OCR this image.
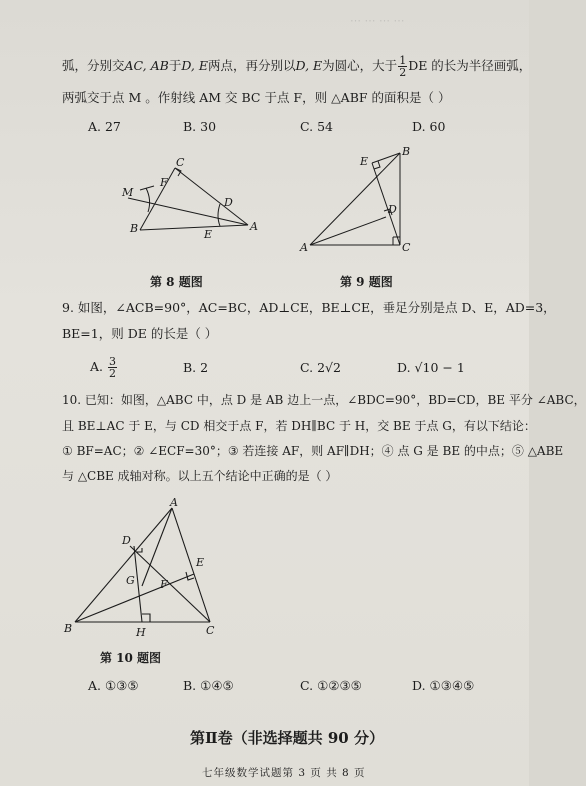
⋯ ⋯ ⋯ ⋯
弧，分别交AC, AB于D, E两点，再分别以D, E为圆心，大于 $\frac{1}{2}$ DE 的长为半径画弧，
两弧交于点 M 。作射线 AM 交 BC 于点 F，则 △ABF 的面积是（ ）
A. 27	B. 30	C. 54	D. 60
C
F
M
D
B	E
A
第 8 题图
B
E
D
A	C
第 9 题图
9. 如图，∠ACB=90°，AC=BC，AD⊥CE，BE⊥CE，垂足分别是点 D、E，AD=3，
BE=1，则 DE 的长是（ ）
A. $\frac{3}{2}$	B. 2	C. 2√2	D. √10 − 1
10. 已知：如图，△ABC 中，点 D 是 AB 边上一点，∠BDC=90°，BD=CD，BE 平分 ∠ABC，
且 BE⊥AC 于 E，与 CD 相交于点 F，若 DH∥BC 于 H，交 BE 于点 G，有以下结论：
① BF=AC；② ∠ECF=30°；③ 若连接 AF，则 AF∥DH；④ 点 G 是 BE 的中点；⑤ △ABE
与 △CBE 成轴对称。以上五个结论中正确的是（ ）
A
D
E
G F
B	H	C
第 10 题图
A. ①③⑤	B. ①④⑤	C. ①②③⑤	D. ①③④⑤
第Ⅱ卷（非选择题共 90 分）
七年级数学试题第 3 页 共 8 页
